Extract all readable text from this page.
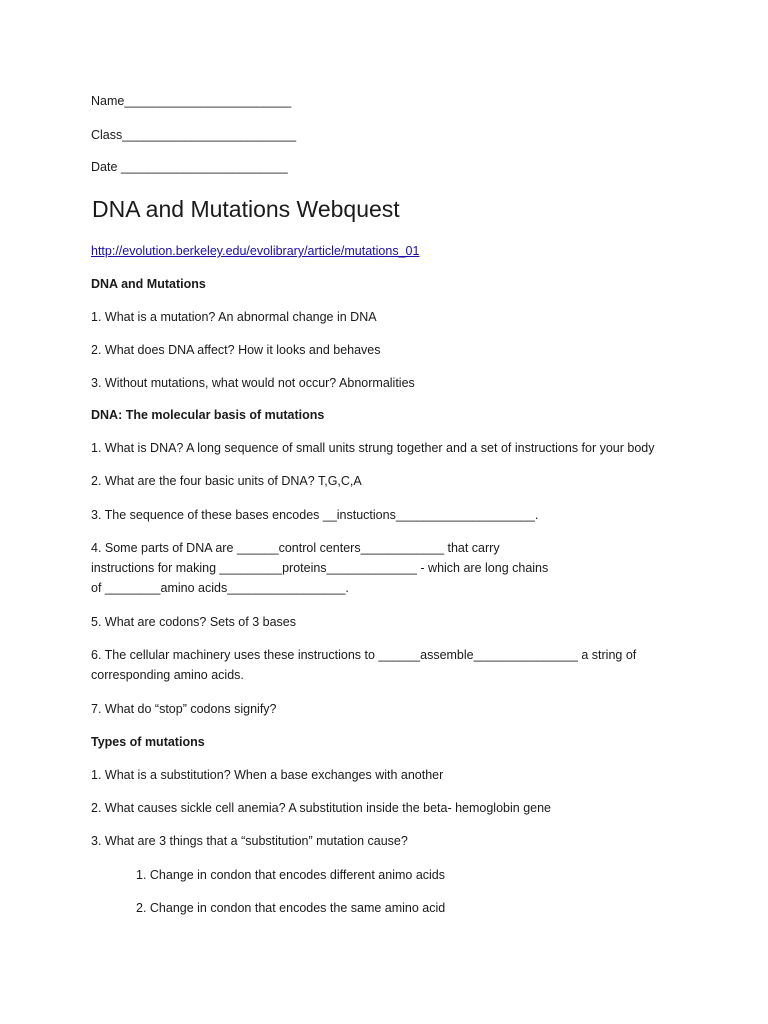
Name________________________
Class_________________________
Date ________________________
DNA and Mutations Webquest
http://evolution.berkeley.edu/evolibrary/article/mutations_01
DNA and Mutations
1. What is a mutation? An abnormal change in DNA
2. What does DNA affect? How it looks and behaves
3. Without mutations, what would not occur? Abnormalities
DNA: The molecular basis of mutations
1. What is DNA? A long sequence of small units strung together and a set of instructions for your body
2. What are the four basic units of DNA? T,G,C,A
3. The sequence of these bases encodes __instuctions____________________.
4. Some parts of DNA are ______control centers____________ that carry
instructions for making _________proteins_____________ - which are long chains
of ________amino acids_________________.
5. What are codons? Sets of 3 bases
6. The cellular machinery uses these instructions to ______assemble_______________ a string of
corresponding amino acids.
7. What do “stop” codons signify?
Types of mutations
1. What is a substitution? When a base exchanges with another
2. What causes sickle cell anemia? A substitution inside the beta- hemoglobin gene
3. What are 3 things that a “substitution” mutation cause?
1. Change in condon that encodes different animo acids
2. Change in condon that encodes the same amino acid
